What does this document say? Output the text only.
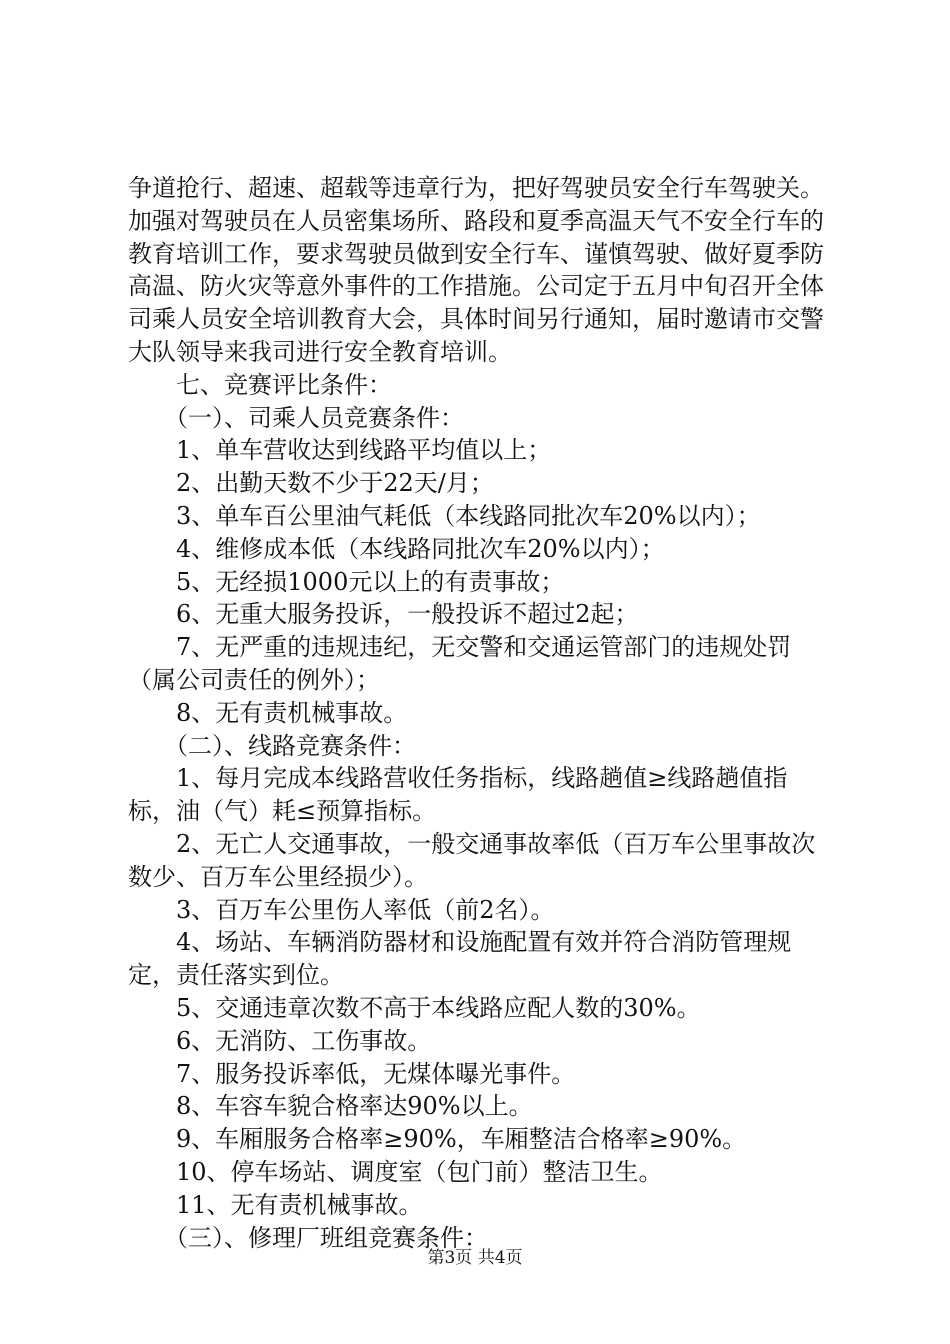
争道抢行、超速、超载等违章行为，把好驾驶员安全行车驾驶关。加强对驾驶员在人员密集场所、路段和夏季高温天气不安全行车的教育培训工作，要求驾驶员做到安全行车、谨慎驾驶、做好夏季防高温、防火灾等意外事件的工作措施。公司定于五月中旬召开全体司乘人员安全培训教育大会，具体时间另行通知，届时邀请市交警大队领导来我司进行安全教育培训。

七、竞赛评比条件：

（一）、司乘人员竞赛条件：

1、单车营收达到线路平均值以上；

2、出勤天数不少于22天/月；

3、单车百公里油气耗低（本线路同批次车20%以内）；

4、维修成本低（本线路同批次车20%以内）；

5、无经损1000元以上的有责事故；

6、无重大服务投诉，一般投诉不超过2起；

7、无严重的违规违纪，无交警和交通运管部门的违规处罚（属公司责任的例外）；

8、无有责机械事故。

（二）、线路竞赛条件：

1、每月完成本线路营收任务指标，线路趟值≥线路趟值指标，油（气）耗≤预算指标。

2、无亡人交通事故，一般交通事故率低（百万车公里事故次数少、百万车公里经损少）。

3、百万车公里伤人率低（前2名）。

4、场站、车辆消防器材和设施配置有效并符合消防管理规定，责任落实到位。

5、交通违章次数不高于本线路应配人数的30%。

6、无消防、工伤事故。

7、服务投诉率低，无煤体曝光事件。

8、车容车貌合格率达90%以上。

9、车厢服务合格率≥90%，车厢整洁合格率≥90%。

10、停车场站、调度室（包门前）整洁卫生。

11、无有责机械事故。

（三）、修理厂班组竞赛条件：

第3页 共4页
